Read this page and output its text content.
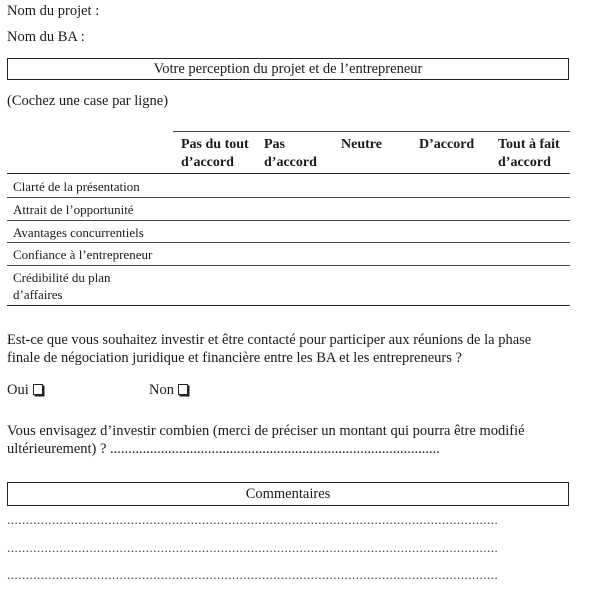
Nom du projet :
Nom du BA :
Votre perception du projet et de l’entrepreneur
(Cochez une case par ligne)
Pas du tout
d’accord
Pas
d’accord
Neutre	D’accord Tout à fait
d’accord
Clarté de la présentation
Attrait de l’opportunité
Avantages concurrentiels
Confiance à l’entrepreneur
Crédibilité du plan
d’affaires
Est-ce que vous souhaitez investir et être contacté pour participer aux réunions de la phase
finale de négociation juridique et financière entre les BA et les entrepreneurs ?
Oui	Non
Vous envisagez d’investir combien (merci de préciser un montant qui pourra être modifié
ultérieurement) ? ...........................................................................................
Commentaires
...................................................................................................................................
...................................................................................................................................
...................................................................................................................................
